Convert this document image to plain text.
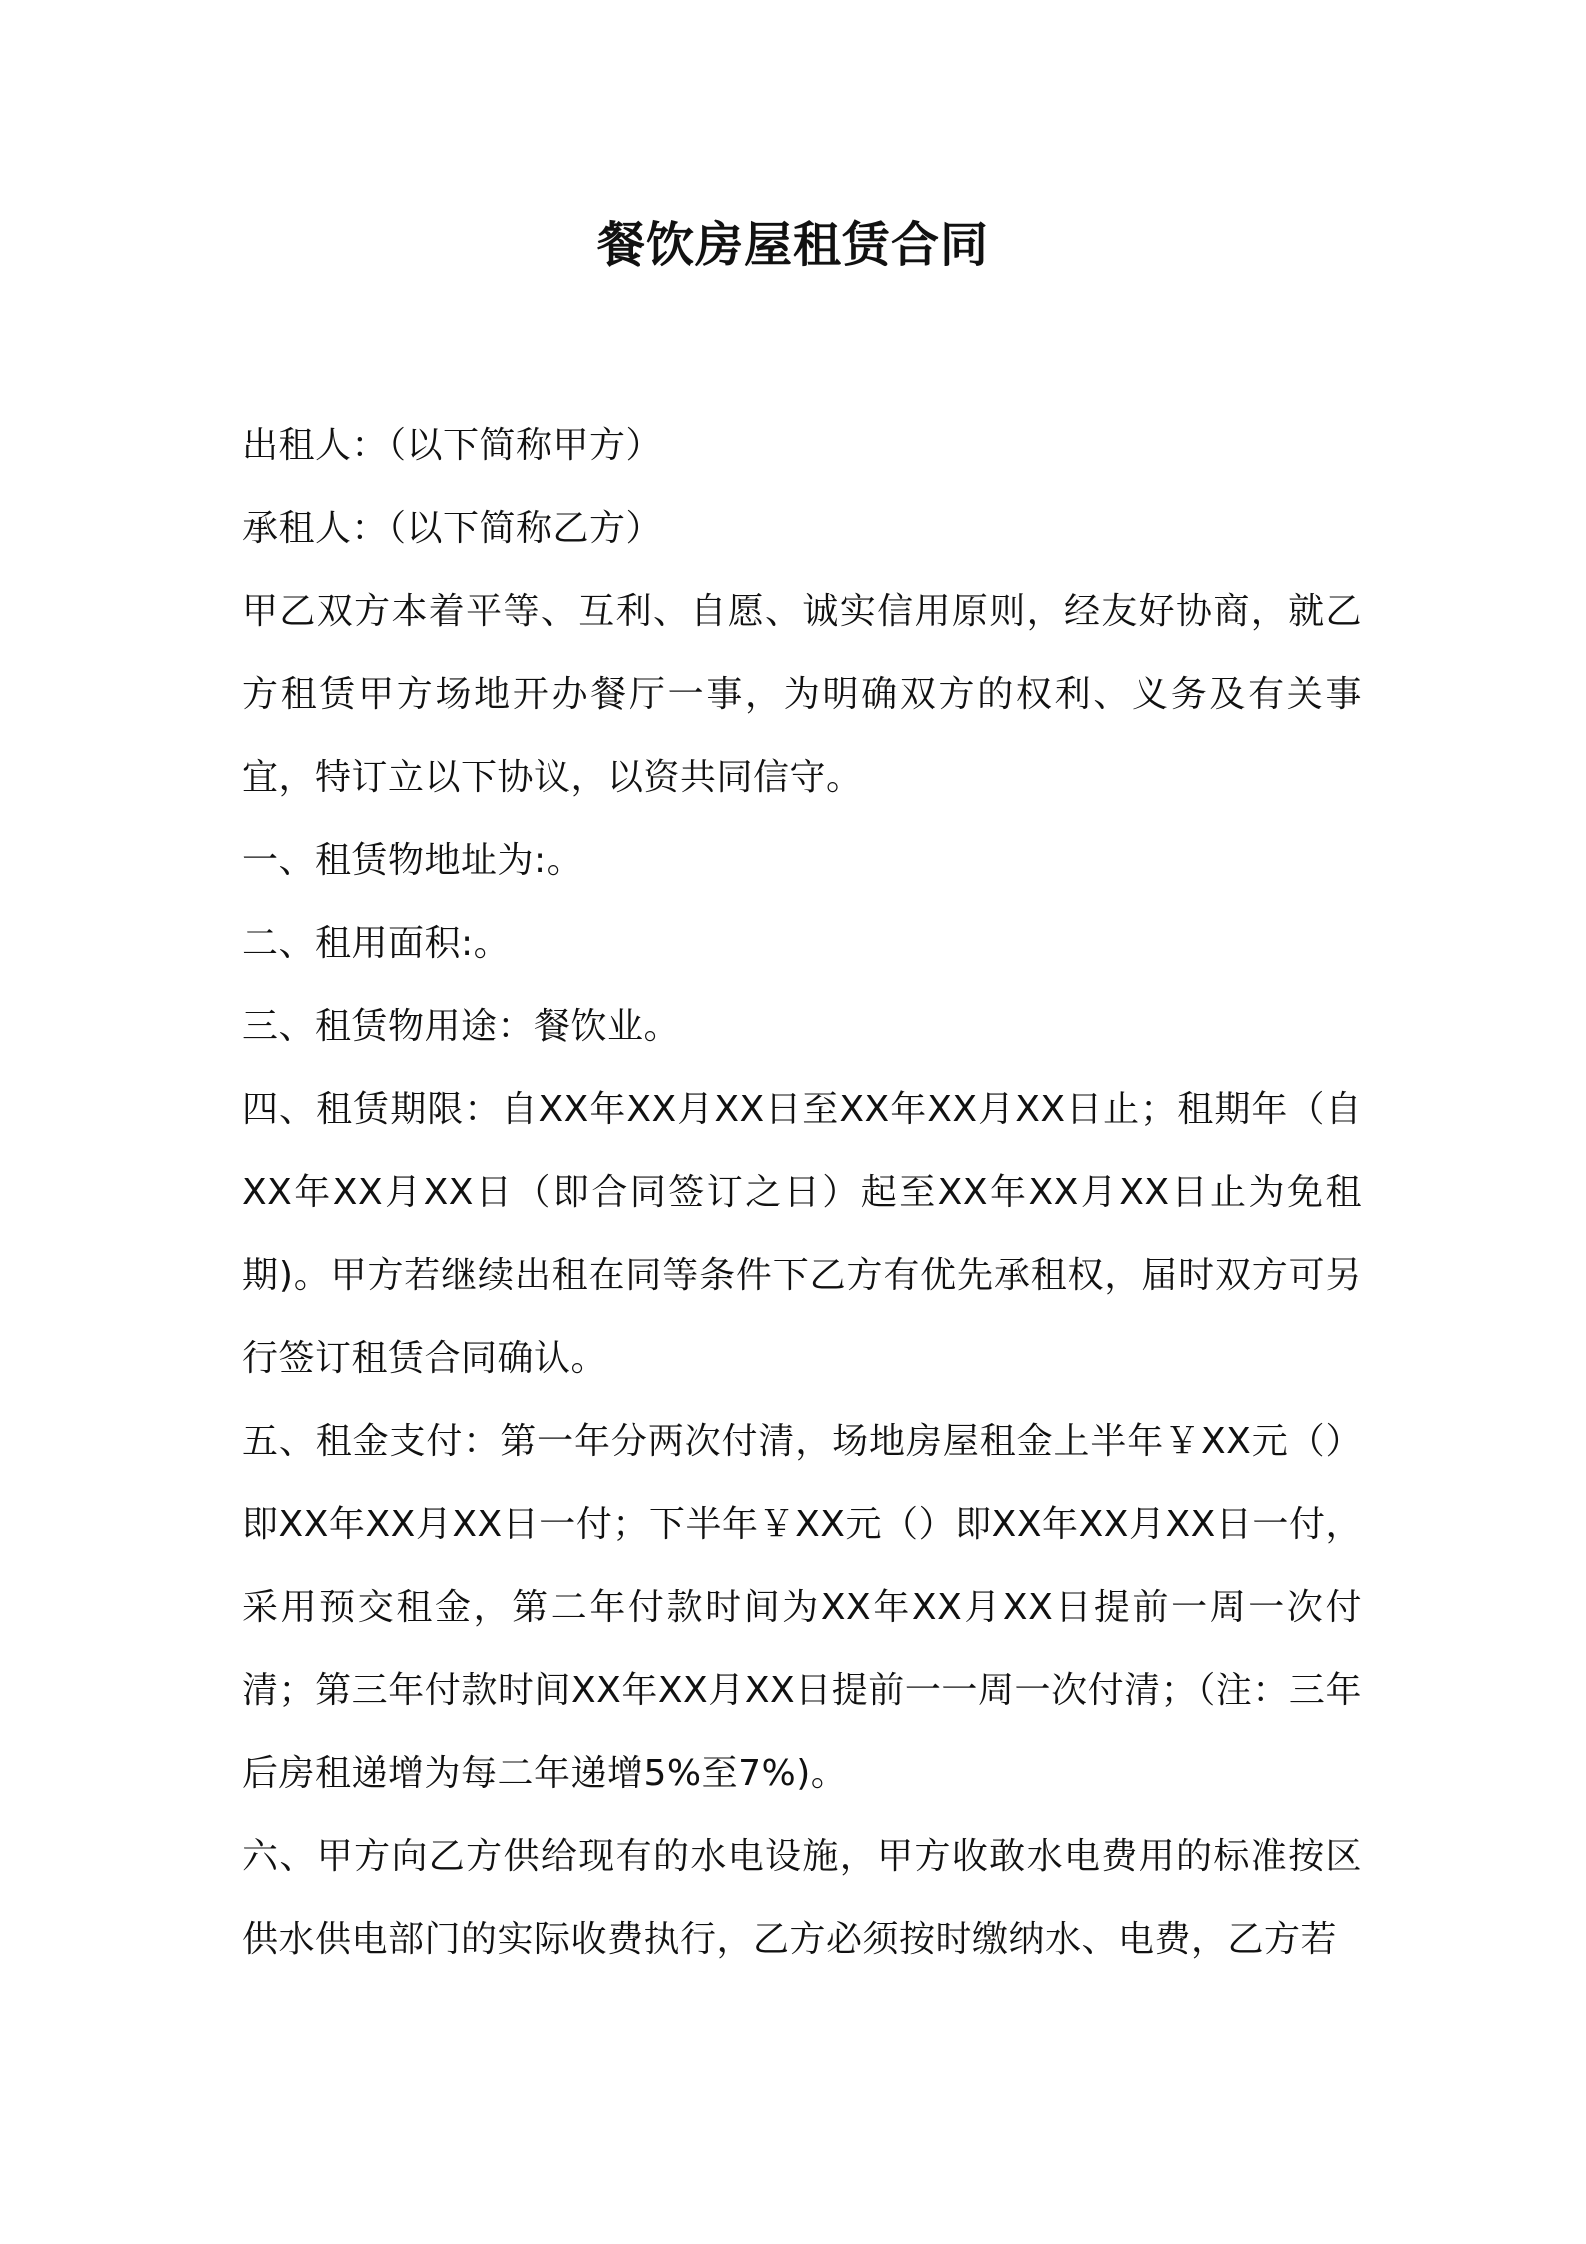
餐饮房屋租赁合同

出租人：（以下简称甲方）

承租人：（以下简称乙方）

甲乙双方本着平等、互利、自愿、诚实信用原则，经友好协商，就乙方租赁甲方场地开办餐厅一事，为明确双方的权利、义务及有关事宜，特订立以下协议，以资共同信守。

一、租赁物地址为:。

二、租用面积:。

三、租赁物用途：餐饮业。

四、租赁期限：自XX年XX月XX日至XX年XX月XX日止；租期年（自XX年XX月XX日（即合同签订之日）起至XX年XX月XX日止为免租期)。甲方若继续出租在同等条件下乙方有优先承租权，届时双方可另行签订租赁合同确认。

五、租金支付：第一年分两次付清，场地房屋租金上半年￥XX元（）即XX年XX月XX日一付；下半年￥XX元（）即XX年XX月XX日一付，采用预交租金，第二年付款时间为XX年XX月XX日提前一周一次付清；第三年付款时间XX年XX月XX日提前一一周一次付清；（注：三年后房租递增为每二年递增5%至7%)。

六、甲方向乙方供给现有的水电设施，甲方收敢水电费用的标准按区供水供电部门的实际收费执行，乙方必须按时缴纳水、电费，乙方若
